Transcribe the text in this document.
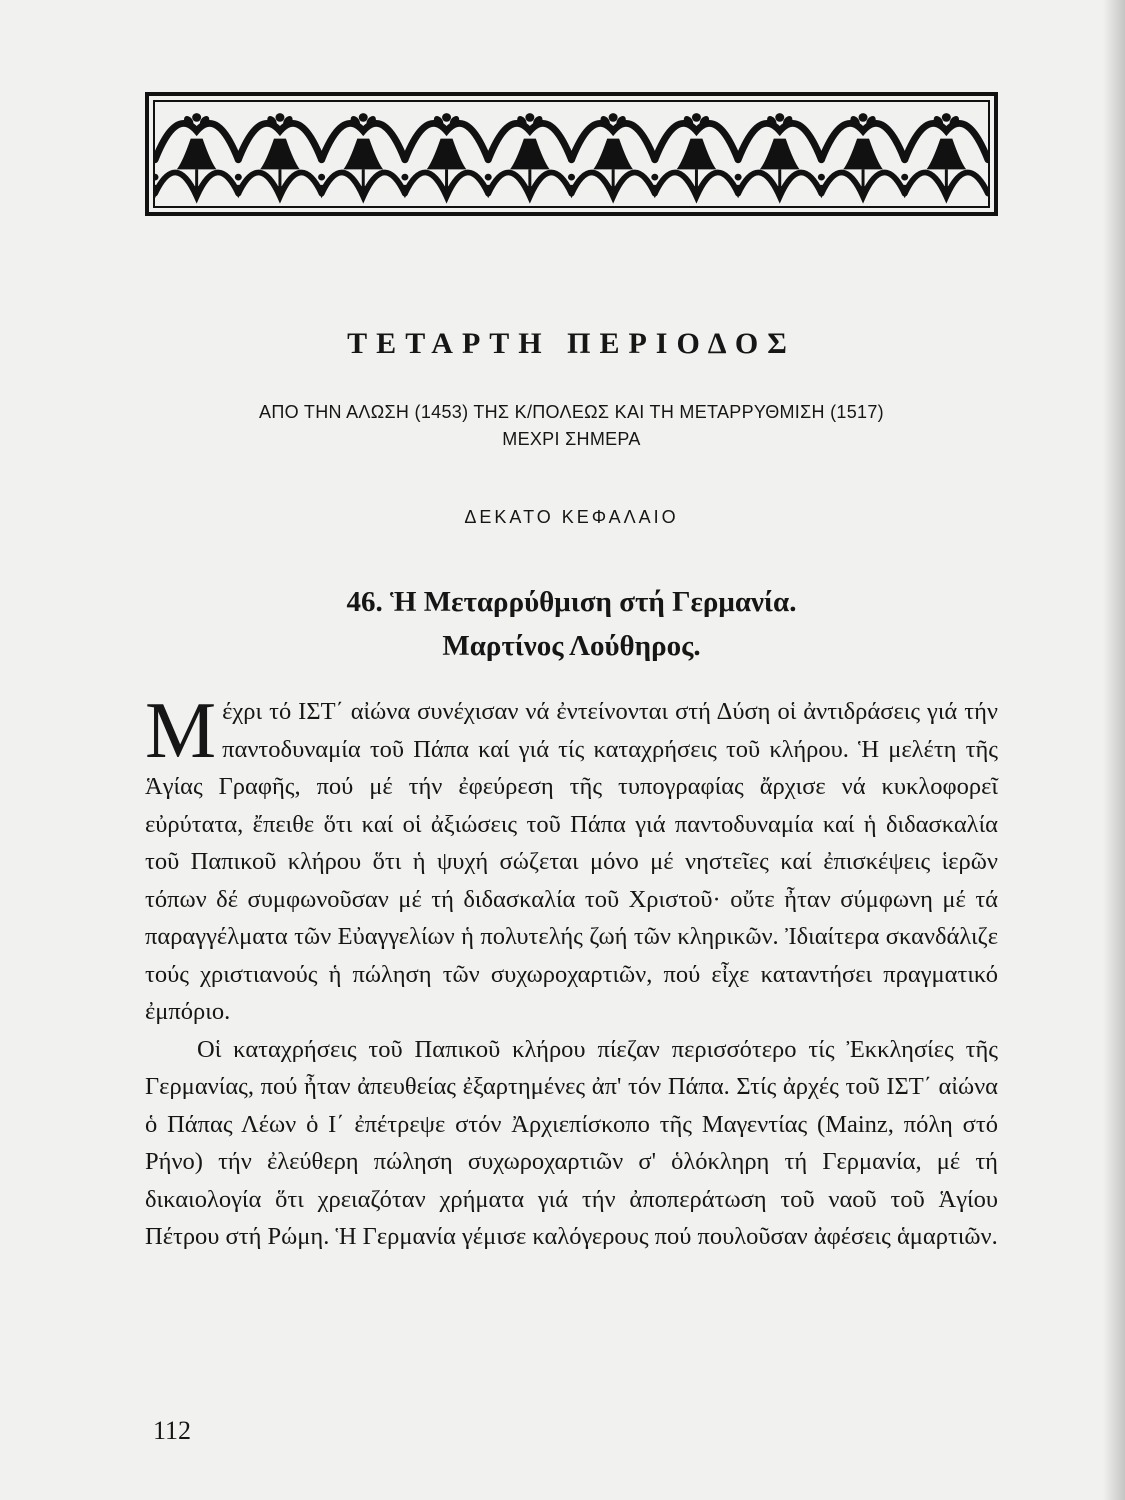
ΤΕΤΑΡΤΗ ΠΕΡΙΟΔΟΣ
ΑΠΟ ΤΗΝ ΑΛΩΣΗ (1453) ΤΗΣ Κ/ΠΟΛΕΩΣ ΚΑΙ ΤΗ ΜΕΤΑΡΡΥΘΜΙΣΗ (1517)
ΜΕΧΡΙ ΣΗΜΕΡΑ
ΔΕΚΑΤΟ ΚΕΦΑΛΑΙΟ
46. Ἡ Μεταρρύθμιση στή Γερμανία.
Μαρτίνος Λούθηρος.

Μέχρι τό ΙΣΤ΄ αἰώνα συνέχισαν νά ἐντείνονται στή Δύση οἱ ἀντιδράσεις γιά τήν παντοδυναμία τοῦ Πάπα καί γιά τίς καταχρήσεις τοῦ κλήρου. Ἡ μελέτη τῆς Ἁγίας Γραφῆς, πού μέ τήν ἐφεύρεση τῆς τυπογραφίας ἄρχισε νά κυκλοφορεῖ εὐρύτατα, ἔπειθε ὅτι καί οἱ ἀξιώσεις τοῦ Πάπα γιά παντοδυναμία καί ἡ διδασκαλία τοῦ Παπικοῦ κλήρου ὅτι ἡ ψυχή σώζεται μόνο μέ νηστεῖες καί ἐπισκέψεις ἱερῶν τόπων δέ συμφωνοῦσαν μέ τή διδασκαλία τοῦ Χριστοῦ· οὔτε ἦταν σύμφωνη μέ τά παραγγέλματα τῶν Εὐαγγελίων ἡ πολυτελής ζωή τῶν κληρικῶν. Ἰδιαίτερα σκανδάλιζε τούς χριστιανούς ἡ πώληση τῶν συχωροχαρτιῶν, πού εἶχε καταντήσει πραγματικό ἐμπόριο.

Οἱ καταχρήσεις τοῦ Παπικοῦ κλήρου πίεζαν περισσότερο τίς Ἐκκλησίες τῆς Γερμανίας, πού ἦταν ἀπευθείας ἐξαρτημένες ἀπ' τόν Πάπα. Στίς ἀρχές τοῦ ΙΣΤ΄ αἰώνα ὁ Πάπας Λέων ὁ Ι΄ ἐπέτρεψε στόν Ἀρχιεπίσκοπο τῆς Μαγεντίας (Mainz, πόλη στό Ρήνο) τήν ἐλεύθερη πώληση συχωροχαρτιῶν σ' ὁλόκληρη τή Γερμανία, μέ τή δικαιολογία ὅτι χρειαζόταν χρήματα γιά τήν ἀποπεράτωση τοῦ ναοῦ τοῦ Ἁγίου Πέτρου στή Ρώμη. Ἡ Γερμανία γέμισε καλόγερους πού πουλοῦσαν ἀφέσεις ἁμαρτιῶν.

112
